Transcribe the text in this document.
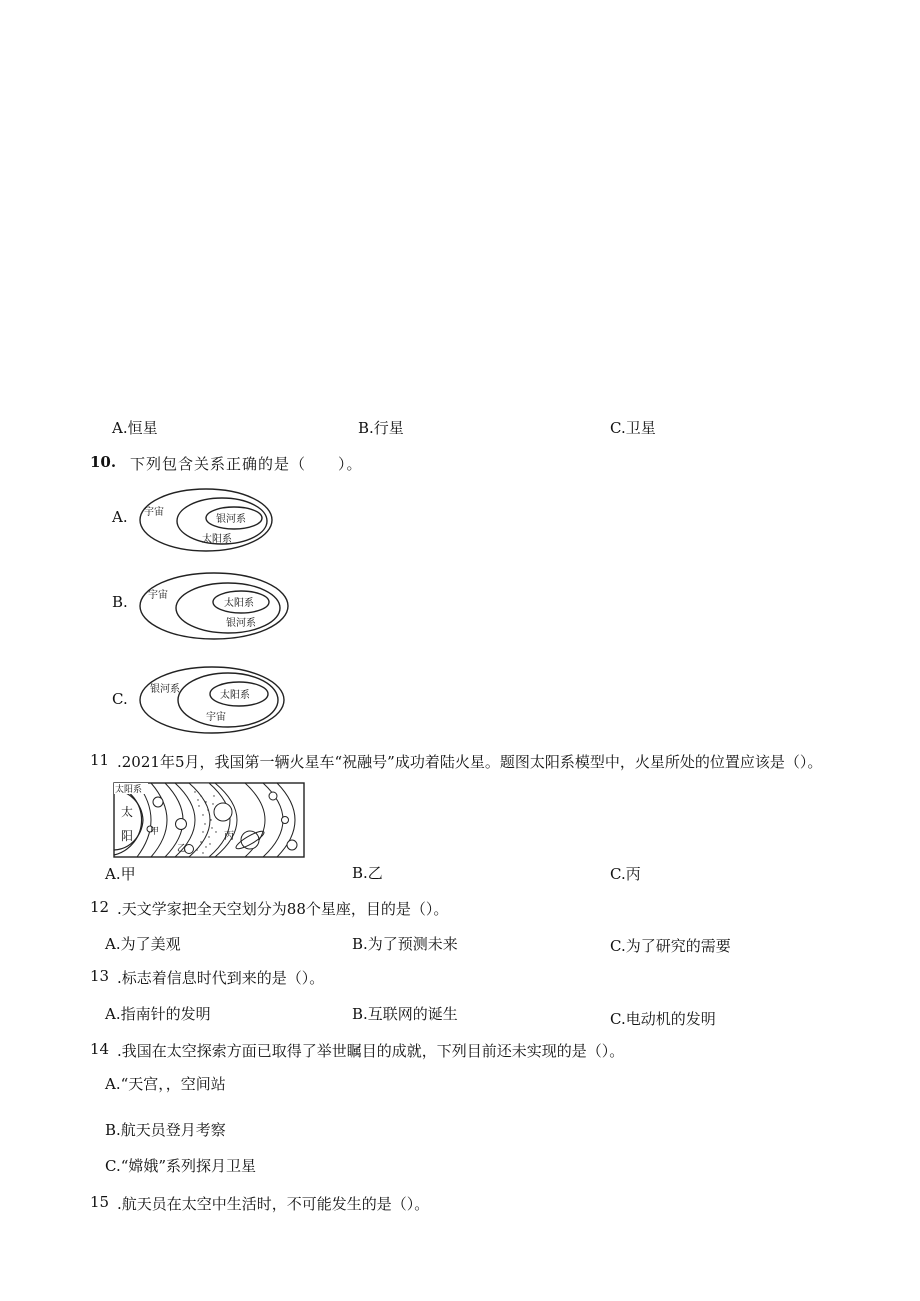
A.恒星	B.行星	C.卫星
10. 下列包含关系正确的是（　　）。
A. 宇宙
银河系
太阳系
B. 宇宙
太阳系
银河系
C.
银河系
太阳系
宇宙
11 .2021年5月，我国第一辆火星车“祝融号”成功着陆火星。题图太阳系模型中，火星所处的位置应该是（）。
太阳系
太
阳 甲
乙
丙
A.甲	B.乙	C.丙
12 .天文学家把全天空划分为88个星座，目的是（）。
A.为了美观	B.为了预测未来	C.为了研究的需要
13 .标志着信息时代到来的是（）。
A.指南针的发明	B.互联网的诞生	C.电动机的发明
14 .我国在太空探索方面已取得了举世瞩目的成就，下列目前还未实现的是（）。
A.“天宫，，空间站
B.航天员登月考察
C.“嫦娥”系列探月卫星
15 .航天员在太空中生活时，不可能发生的是（）。
